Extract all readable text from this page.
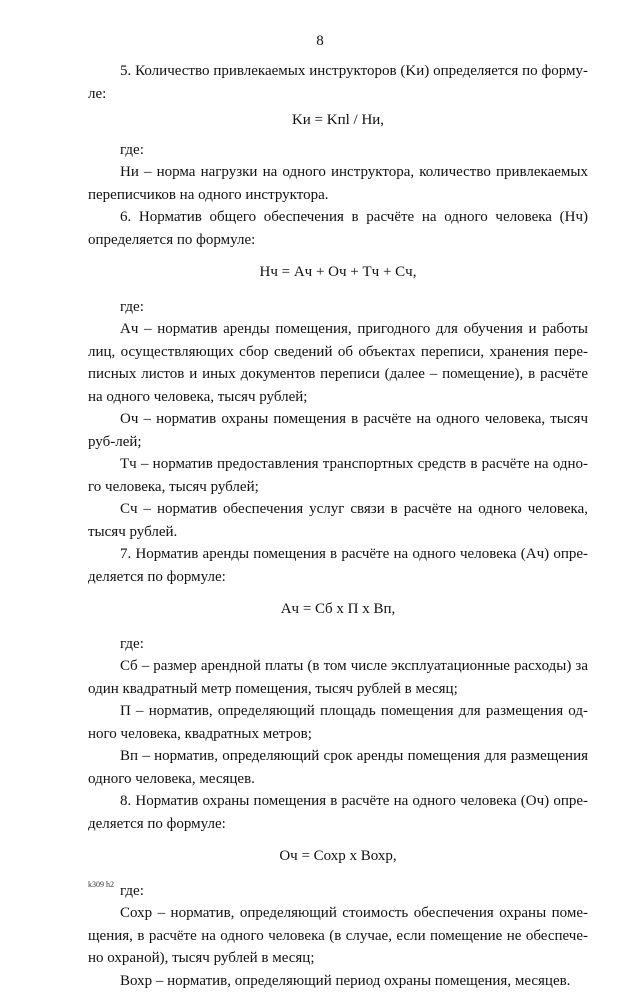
8

5. Количество привлекаемых инструкторов (Kи) определяется по форму-ле:

Kи = Kпl / Hи,

где:

Hи – норма нагрузки на одного инструктора, количество привлекаемых переписчиков на одного инструктора.

6. Норматив общего обеспечения в расчёте на одного человека (Hч) определяется по формуле:

Hч = Aч + Oч + Tч + Cч,

где:

Aч – норматив аренды помещения, пригодного для обучения и работы лиц, осуществляющих сбор сведений об объектах переписи, хранения пере-писных листов и иных документов переписи (далее – помещение), в расчёте на одного человека, тысяч рублей;

Oч – норматив охраны помещения в расчёте на одного человека, тысяч руб-лей;

Tч – норматив предоставления транспортных средств в расчёте на одно-го человека, тысяч рублей;

Cч – норматив обеспечения услуг связи в расчёте на одного человека, тысяч рублей.

7. Норматив аренды помещения в расчёте на одного человека (Aч) опре-деляется по формуле:

Aч = Cб x П x Bп,

где:

Cб – размер арендной платы (в том числе эксплуатационные расходы) за один квадратный метр помещения, тысяч рублей в месяц;

П – норматив, определяющий площадь помещения для размещения од-ного человека, квадратных метров;

Bп – норматив, определяющий срок аренды помещения для размещения одного человека, месяцев.

8. Норматив охраны помещения в расчёте на одного человека (Oч) опре-деляется по формуле:

Oч = Cохр x Bохр,

где:

Cохр – норматив, определяющий стоимость обеспечения охраны поме-щения, в расчёте на одного человека (в случае, если помещение не обеспече-но охраной), тысяч рублей в месяц;

Bохр – норматив, определяющий период охраны помещения, месяцев.

k309 h2
